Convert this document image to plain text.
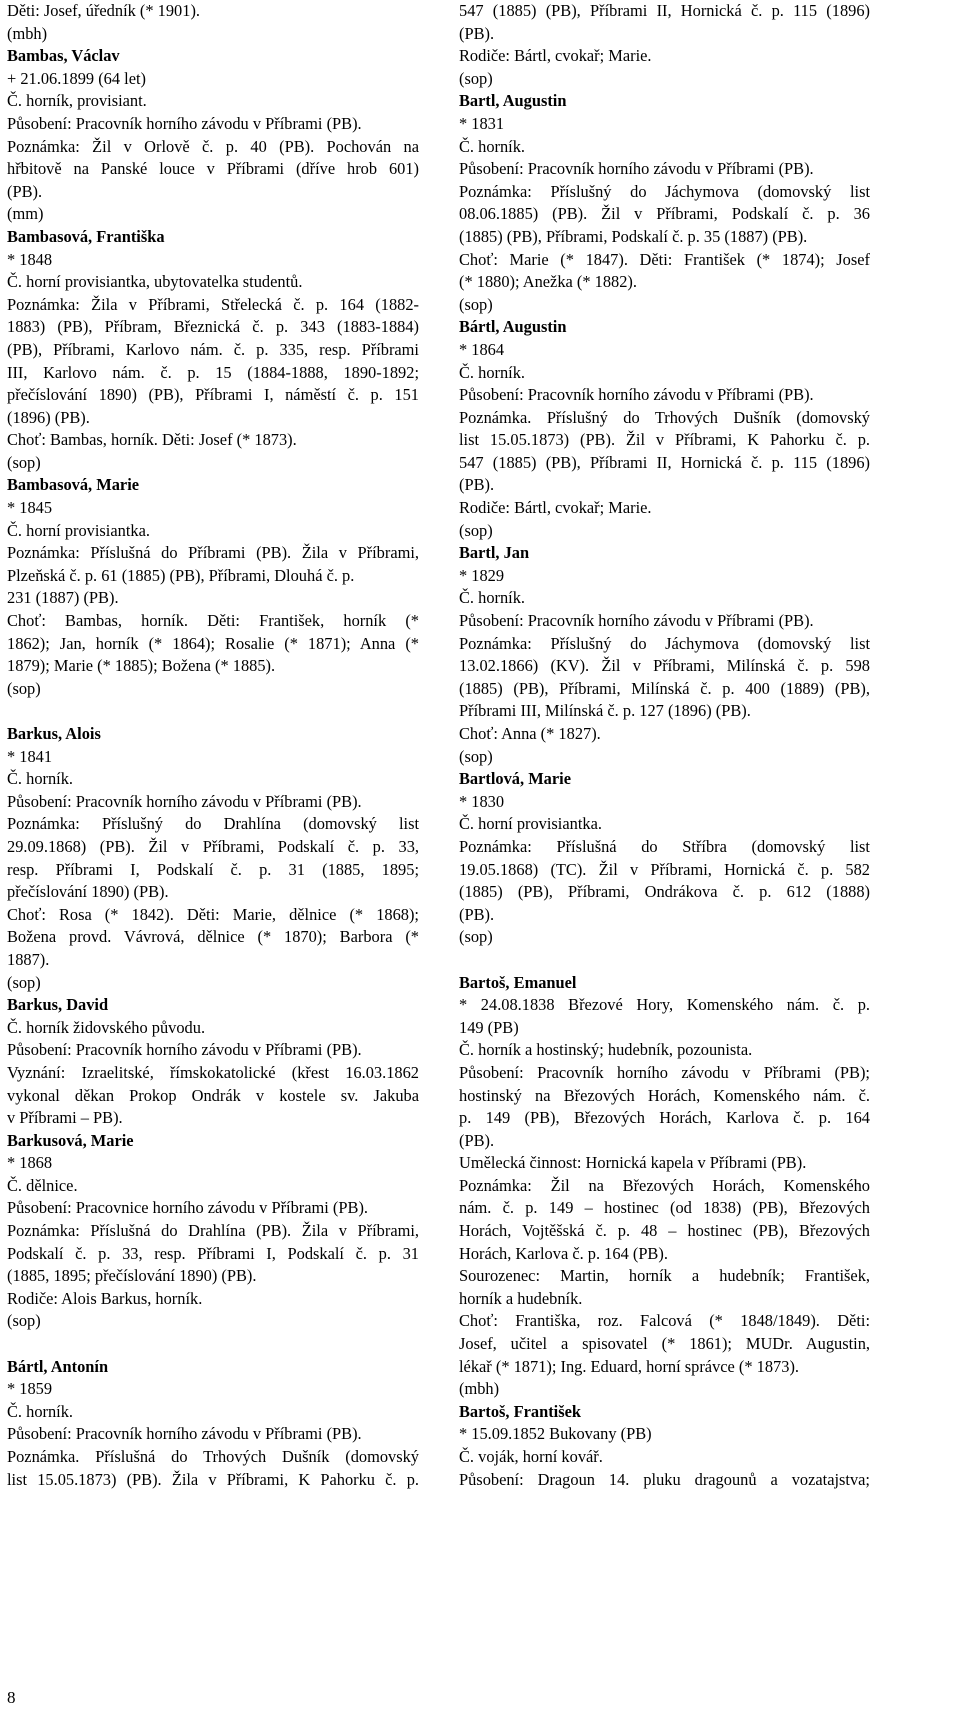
Děti: Josef, úředník (* 1901).
(mbh)
Bambas, Václav
+ 21.06.1899 (64 let)
Č. horník, provisiant.
Působení: Pracovník horního závodu v Příbrami (PB).
Poznámka: Žil v Orlově č. p. 40 (PB). Pochován na
hřbitově na Panské louce v Příbrami (dříve hrob 601)
(PB).
(mm)
Bambasová, Františka
* 1848
Č. horní provisiantka, ubytovatelka studentů.
Poznámka: Žila v Příbrami, Střelecká č. p. 164 (1882-
1883) (PB), Příbram, Březnická č. p. 343 (1883-1884)
(PB), Příbrami, Karlovo nám. č. p. 335, resp. Příbrami
III, Karlovo nám. č. p. 15 (1884-1888, 1890-1892;
přečíslování 1890) (PB), Příbrami I, náměstí č. p. 151
(1896) (PB).
Choť: Bambas, horník. Děti: Josef (* 1873).
(sop)
Bambasová, Marie
* 1845
Č. horní provisiantka.
Poznámka: Příslušná do Příbrami (PB). Žila v Příbrami,
Plzeňská č. p. 61 (1885) (PB), Příbrami, Dlouhá č. p.
231 (1887) (PB).
Choť: Bambas, horník. Děti: František, horník (*
1862); Jan, horník (* 1864); Rosalie (* 1871); Anna (*
1879); Marie (* 1885); Božena (* 1885).
(sop)
Barkus, Alois
* 1841
Č. horník.
Působení: Pracovník horního závodu v Příbrami (PB).
Poznámka: Příslušný do Drahlína (domovský list
29.09.1868) (PB). Žil v Příbrami, Podskalí č. p. 33,
resp. Příbrami I, Podskalí č. p. 31 (1885, 1895;
přečíslování 1890) (PB).
Choť: Rosa (* 1842). Děti: Marie, dělnice (* 1868);
Božena provd. Vávrová, dělnice (* 1870); Barbora (*
1887).
(sop)
Barkus, David
Č. horník židovského původu.
Působení: Pracovník horního závodu v Příbrami (PB).
Vyznání: Izraelitské, římskokatolické (křest 16.03.1862
vykonal děkan Prokop Ondrák v kostele sv. Jakuba
v Příbrami – PB).
Barkusová, Marie
* 1868
Č. dělnice.
Působení: Pracovnice horního závodu v Příbrami (PB).
Poznámka: Příslušná do Drahlína (PB). Žila v Příbrami,
Podskalí č. p. 33, resp. Příbrami I, Podskalí č. p. 31
(1885, 1895; přečíslování 1890) (PB).
Rodiče: Alois Barkus, horník.
(sop)
Bártl, Antonín
* 1859
Č. horník.
Působení: Pracovník horního závodu v Příbrami (PB).
Poznámka. Příslušná do Trhových Dušník (domovský
list 15.05.1873) (PB). Žila v Příbrami, K Pahorku č. p.
547 (1885) (PB), Příbrami II, Hornická č. p. 115 (1896)
(PB).
Rodiče: Bártl, cvokař; Marie.
(sop)
Bartl, Augustin
* 1831
Č. horník.
Působení: Pracovník horního závodu v Příbrami (PB).
Poznámka: Příslušný do Jáchymova (domovský list
08.06.1885) (PB). Žil v Příbrami, Podskalí č. p. 36
(1885) (PB), Příbrami, Podskalí č. p. 35 (1887) (PB).
Choť: Marie (* 1847). Děti: František (* 1874); Josef
(* 1880); Anežka (* 1882).
(sop)
Bártl, Augustin
* 1864
Č. horník.
Působení: Pracovník horního závodu v Příbrami (PB).
Poznámka. Příslušný do Trhových Dušník (domovský
list 15.05.1873) (PB). Žil v Příbrami, K Pahorku č. p.
547 (1885) (PB), Příbrami II, Hornická č. p. 115 (1896)
(PB).
Rodiče: Bártl, cvokař; Marie.
(sop)
Bartl, Jan
* 1829
Č. horník.
Působení: Pracovník horního závodu v Příbrami (PB).
Poznámka: Příslušný do Jáchymova (domovský list
13.02.1866) (KV). Žil v Příbrami, Milínská č. p. 598
(1885) (PB), Příbrami, Milínská č. p. 400 (1889) (PB),
Příbrami III, Milínská č. p. 127 (1896) (PB).
Choť: Anna (* 1827).
(sop)
Bartlová, Marie
* 1830
Č. horní provisiantka.
Poznámka: Příslušná do Stříbra (domovský list
19.05.1868) (TC). Žil v Příbrami, Hornická č. p. 582
(1885) (PB), Příbrami, Ondrákova č. p. 612 (1888)
(PB).
(sop)
Bartoš, Emanuel
* 24.08.1838 Březové Hory, Komenského nám. č. p.
149 (PB)
Č. horník a hostinský; hudebník, pozounista.
Působení: Pracovník horního závodu v Příbrami (PB);
hostinský na Březových Horách, Komenského nám. č.
p. 149 (PB), Březových Horách, Karlova č. p. 164
(PB).
Umělecká činnost: Hornická kapela v Příbrami (PB).
Poznámka: Žil na Březových Horách, Komenského
nám. č. p. 149 – hostinec (od 1838) (PB), Březových
Horách, Vojtěšská č. p. 48 – hostinec (PB), Březových
Horách, Karlova č. p. 164 (PB).
Sourozenec: Martin, horník a hudebník; František,
horník a hudebník.
Choť: Františka, roz. Falcová (* 1848/1849). Děti:
Josef, učitel a spisovatel (* 1861); MUDr. Augustin,
lékař (* 1871); Ing. Eduard, horní správce (* 1873).
(mbh)
Bartoš, František
* 15.09.1852 Bukovany (PB)
Č. voják, horní kovář.
Působení: Dragoun 14. pluku dragounů a vozatajstva;
8
